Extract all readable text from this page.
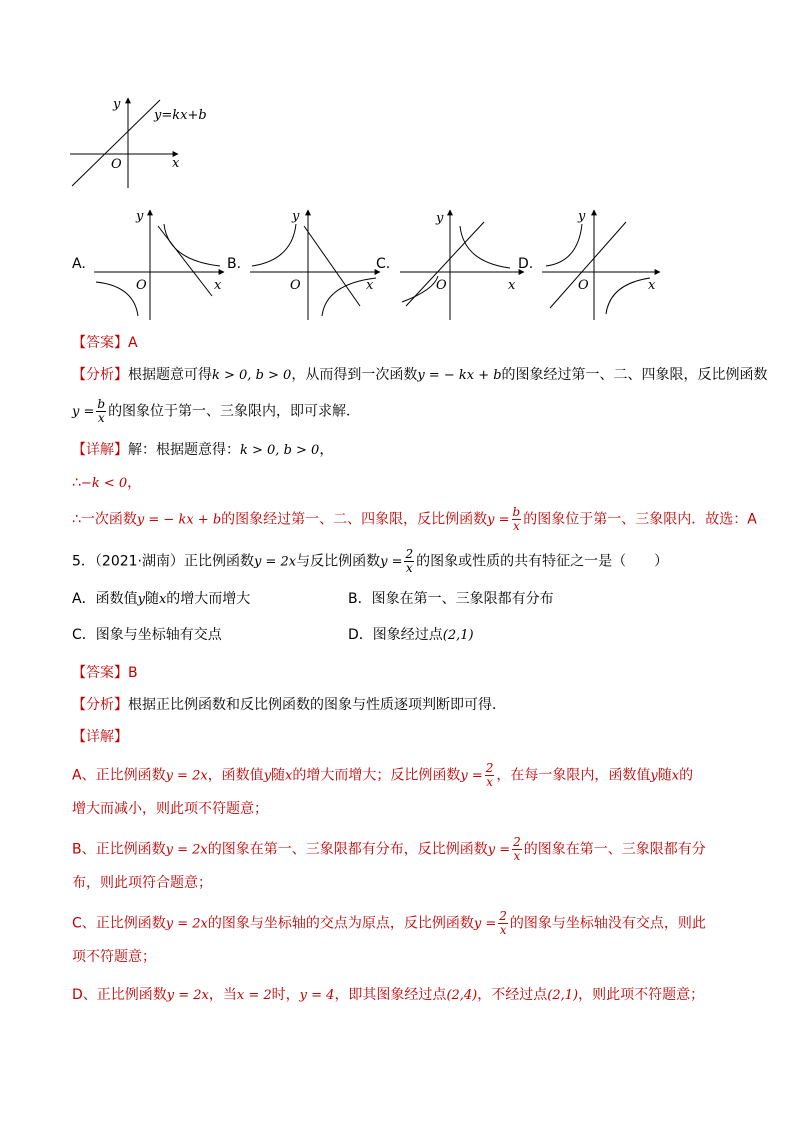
y
x
O
y=kx+b
A.
y
x
O
B.
y
x
O
C.
y
x
O
D.
y
x
O
【答案】A
【分析】根据题意可得k > 0, b > 0，从而得到一次函数y = − kx + b的图象经过第一、二、四象限，反比例函数
$y = \frac{b}{x}$ 的图象位于第一、三象限内，即可求解．
【详解】解：根据题意得：k > 0, b > 0，
∴−k < 0，
∴一次函数y = − kx + b的图象经过第一、二、四象限，反比例函数$y = \frac{b}{x}$ 的图象位于第一、三象限内．故选：A
5．（2021·湖南）正比例函数y = 2x与反比例函数$y = \frac{2}{x}$ 的图象或性质的共有特征之一是（　　）
A．函数值y随x的增大而增大	B．图象在第一、三象限都有分布
C．图象与坐标轴有交点	D．图象经过点(2,1)
【答案】B
【分析】根据正比例函数和反比例函数的图象与性质逐项判断即可得．
【详解】
A、正比例函数y = 2x，函数值y随x的增大而增大；反比例函数$y = \frac{2}{x}$ ，在每一象限内，函数值y随x的
增大而减小，则此项不符题意；
B、正比例函数y = 2x的图象在第一、三象限都有分布，反比例函数$y = \frac{2}{x}$ 的图象在第一、三象限都有分
布，则此项符合题意；
C、正比例函数y = 2x的图象与坐标轴的交点为原点，反比例函数$y = \frac{2}{x}$ 的图象与坐标轴没有交点，则此
项不符题意；
D、正比例函数y = 2x，当x = 2时，y = 4，即其图象经过点(2,4)，不经过点(2,1)，则此项不符题意；
